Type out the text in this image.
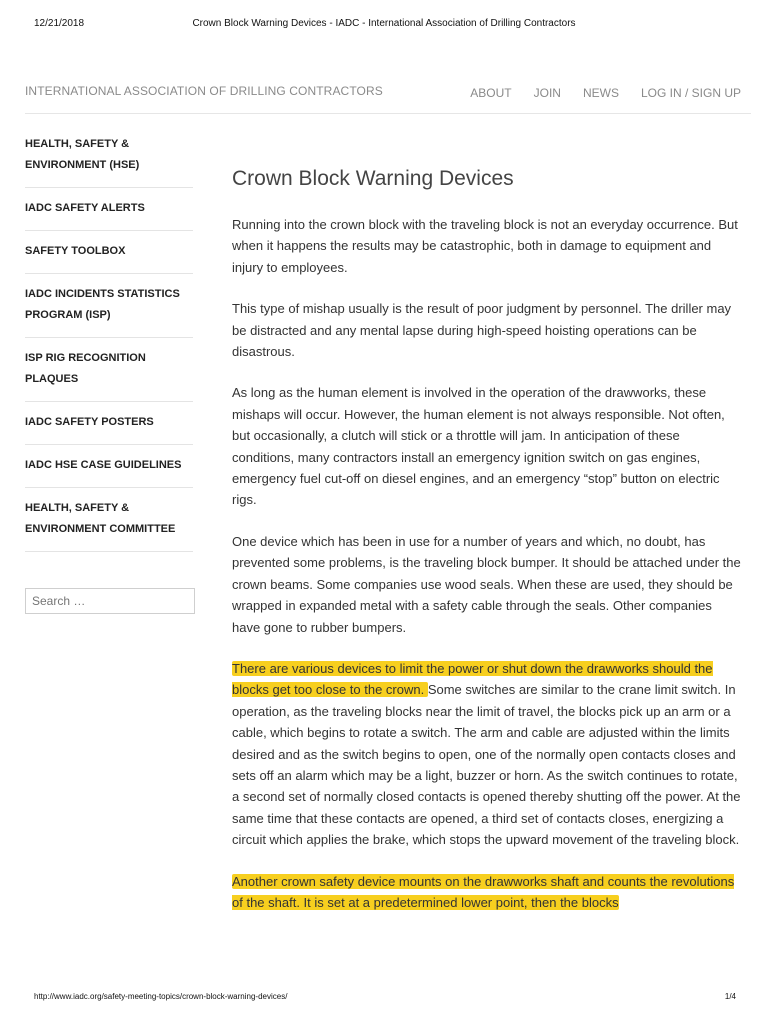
12/21/2018	Crown Block Warning Devices - IADC - International Association of Drilling Contractors
INTERNATIONAL ASSOCIATION OF DRILLING CONTRACTORS	ABOUT JOIN NEWS LOG IN / SIGN UP
HEALTH, SAFETY & ENVIRONMENT (HSE)
IADC SAFETY ALERTS
SAFETY TOOLBOX
IADC INCIDENTS STATISTICS PROGRAM (ISP)
ISP RIG RECOGNITION PLAQUES
IADC SAFETY POSTERS
IADC HSE CASE GUIDELINES
HEALTH, SAFETY & ENVIRONMENT COMMITTEE
Search …
Crown Block Warning Devices

Running into the crown block with the traveling block is not an everyday occurrence. But when it happens the results may be catastrophic, both in damage to equipment and injury to employees.

This type of mishap usually is the result of poor judgment by personnel. The driller may be distracted and any mental lapse during high-speed hoisting operations can be disastrous.

As long as the human element is involved in the operation of the drawworks, these mishaps will occur. However, the human element is not always responsible. Not often, but occasionally, a clutch will stick or a throttle will jam. In anticipation of these conditions, many contractors install an emergency ignition switch on gas engines, emergency fuel cut-off on diesel engines, and an emergency “stop” button on electric rigs.

One device which has been in use for a number of years and which, no doubt, has prevented some problems, is the traveling block bumper. It should be attached under the crown beams. Some companies use wood seals. When these are used, they should be wrapped in expanded metal with a safety cable through the seals. Other companies have gone to rubber bumpers.

There are various devices to limit the power or shut down the drawworks should the blocks get too close to the crown. Some switches are similar to the crane limit switch. In operation, as the traveling blocks near the limit of travel, the blocks pick up an arm or a cable, which begins to rotate a switch. The arm and cable are adjusted within the limits desired and as the switch begins to open, one of the normally open contacts closes and sets off an alarm which may be a light, buzzer or horn. As the switch continues to rotate, a second set of normally closed contacts is opened thereby shutting off the power. At the same time that these contacts are opened, a third set of contacts closes, energizing a circuit which applies the brake, which stops the upward movement of the traveling block.

Another crown safety device mounts on the drawworks shaft and counts the revolutions of the shaft. It is set at a predetermined lower point, then the blocks

http://www.iadc.org/safety-meeting-topics/crown-block-warning-devices/	1/4
